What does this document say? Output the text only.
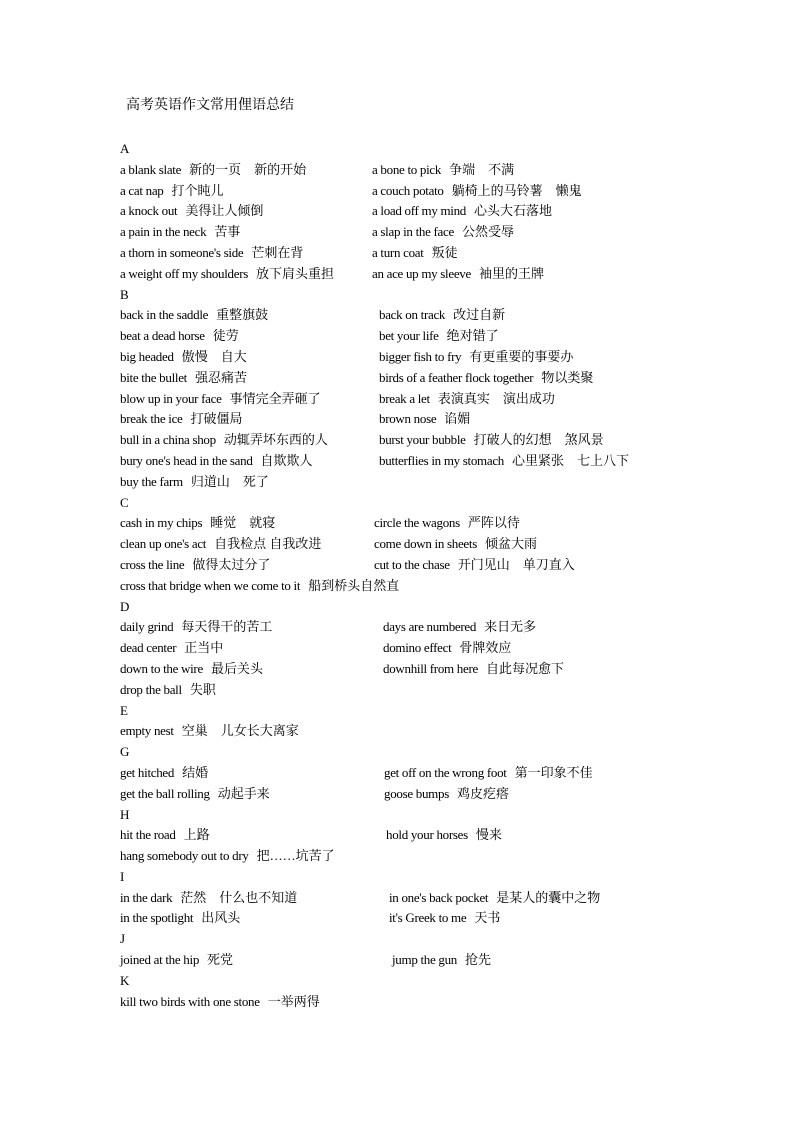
高考英语作文常用俚语总结
A
a blank slate 新的一页　新的开始	a bone to pick 争端　不满
a cat nap 打个盹儿	a couch potato 躺椅上的马铃薯　懒鬼
a knock out 美得让人倾倒	a load off my mind 心头大石落地
a pain in the neck 苦事	a slap in the face 公然受辱
a thorn in someone's side 芒刺在背	a turn coat 叛徒
a weight off my shoulders 放下肩头重担	an ace up my sleeve 袖里的王牌
B
back in the saddle 重整旗鼓	back on track 改过自新
beat a dead horse 徒劳	bet your life 绝对错了
big headed 傲慢　自大	bigger fish to fry 有更重要的事要办
bite the bullet 强忍痛苦	birds of a feather flock together 物以类聚
blow up in your face 事情完全弄砸了	break a let 表演真实　演出成功
break the ice 打破僵局	brown nose 谄媚
bull in a china shop 动辄弄坏东西的人	burst your bubble 打破人的幻想　煞风景
bury one's head in the sand 自欺欺人	butterflies in my stomach 心里紧张　七上八下
buy the farm 归道山　死了
C
cash in my chips 睡觉　就寝	circle the wagons 严阵以待
clean up one's act 自我检点 自我改进	come down in sheets 倾盆大雨
cross the line 做得太过分了	cut to the chase 开门见山　单刀直入
cross that bridge when we come to it 船到桥头自然直
D
daily grind 每天得干的苦工	days are numbered 来日无多
dead center 正当中	domino effect 骨牌效应
down to the wire 最后关头	downhill from here 自此每况愈下
drop the ball 失职
E
empty nest 空巢　儿女长大离家
G
get hitched 结婚	get off on the wrong foot 第一印象不佳
get the ball rolling 动起手来	goose bumps 鸡皮疙瘩
H
hit the road 上路	hold your horses 慢来
hang somebody out to dry 把……坑苦了
I
in the dark 茫然　什么也不知道	in one's back pocket 是某人的囊中之物
in the spotlight 出风头	it's Greek to me 天书
J
joined at the hip 死党	jump the gun 抢先
K
kill two birds with one stone 一举两得
